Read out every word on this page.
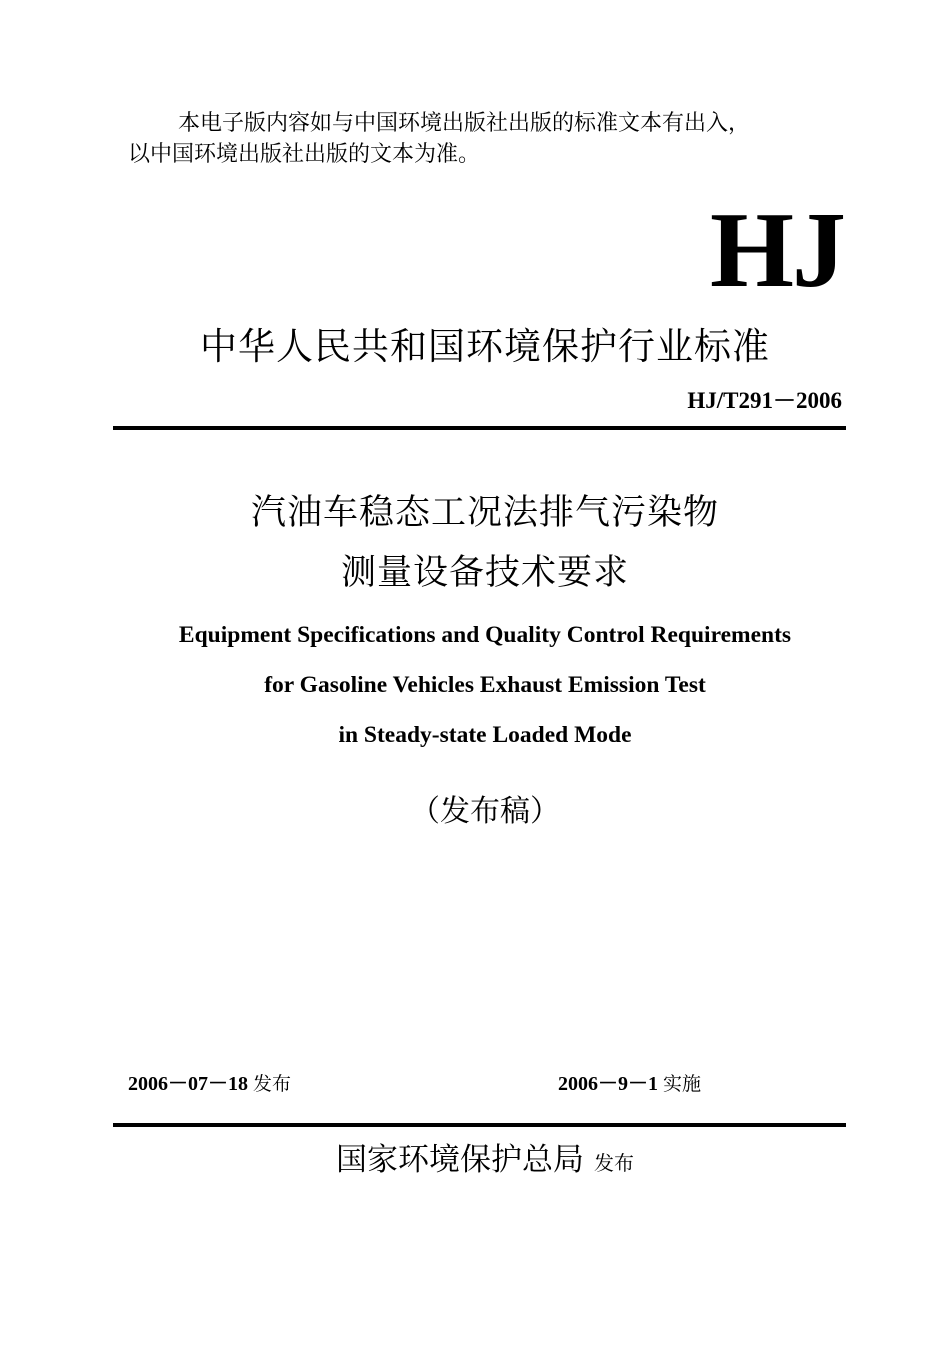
本电子版内容如与中国环境出版社出版的标准文本有出入，
以中国环境出版社出版的文本为准。
HJ
中华人民共和国环境保护行业标准
HJ/T291－2006
汽油车稳态工况法排气污染物
测量设备技术要求
Equipment Specifications and Quality Control Requirements
for Gasoline Vehicles Exhaust Emission Test
in Steady-state Loaded Mode
（发布稿）
2006－07－18 发布	2006－9－1 实施
国家环境保护总局 发布
